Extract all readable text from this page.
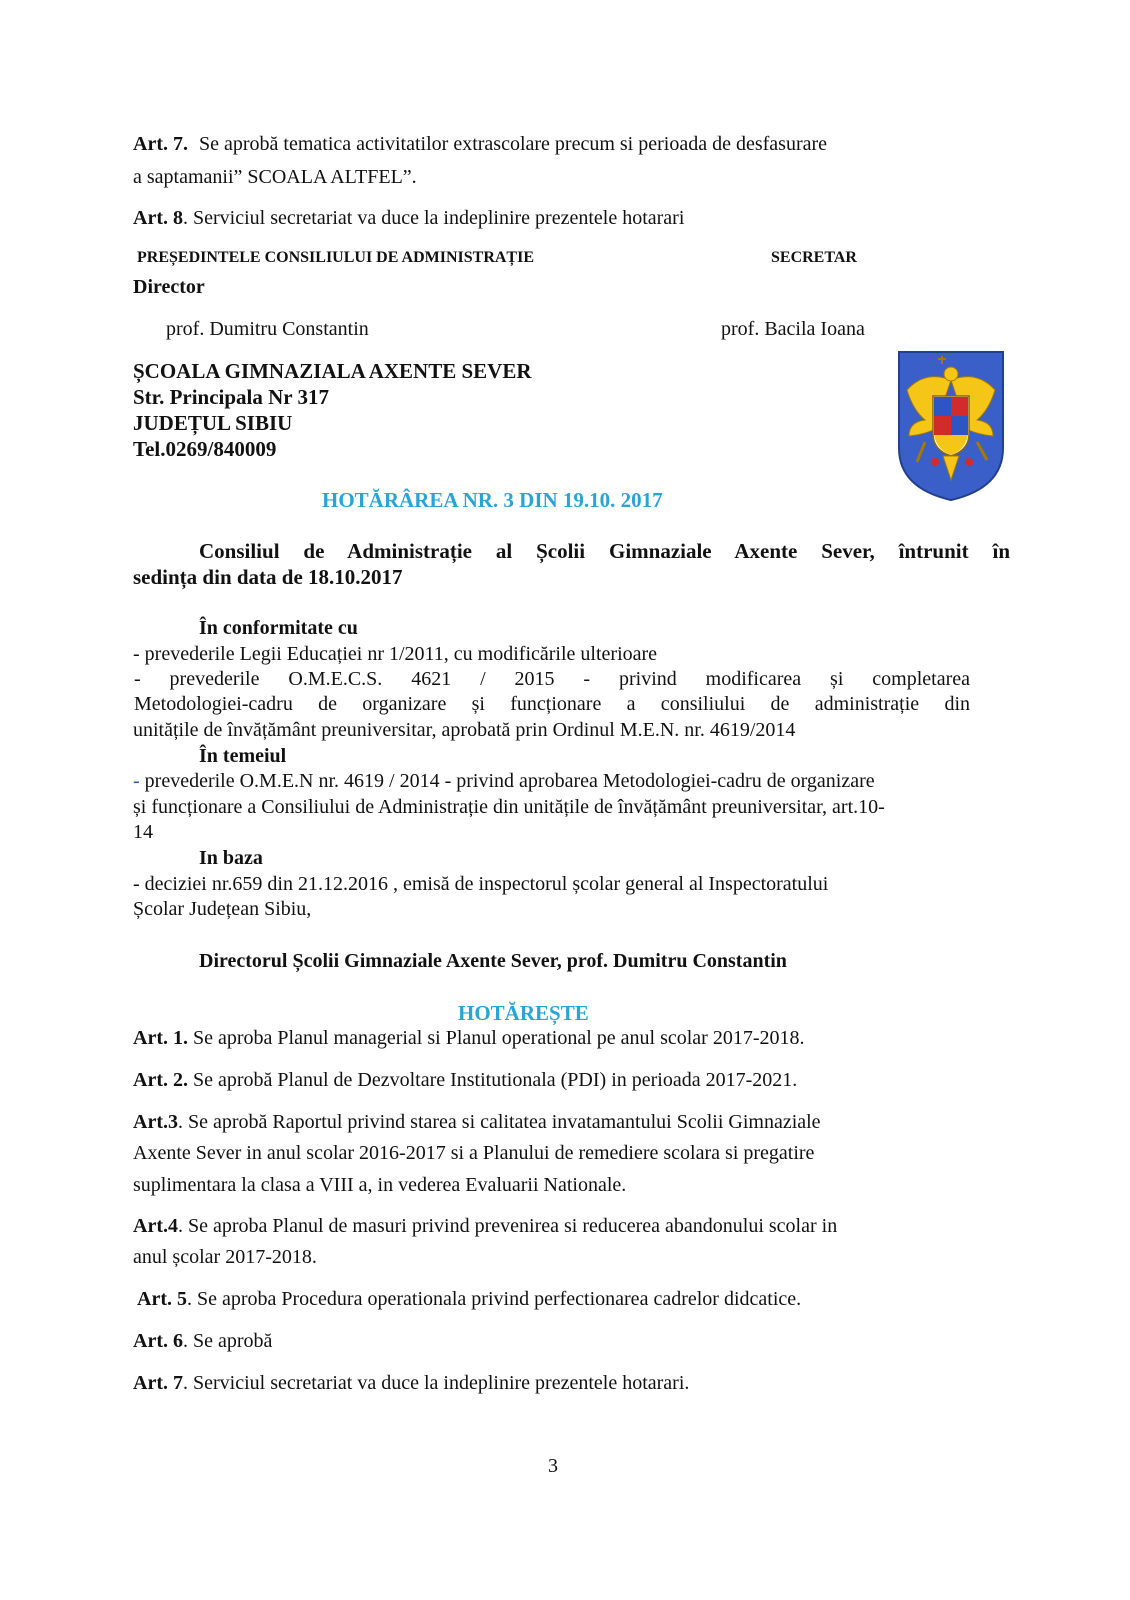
Art. 7. Se aprobă tematica activitatilor extrascolare precum si perioada de desfasurare
a saptamanii” SCOALA ALTFEL”.
Art. 8. Serviciul secretariat va duce la indeplinire prezentele hotarari
PREȘEDINTELE CONSILIULUI DE ADMINISTRAȚIE	SECRETAR
Director
prof. Dumitru Constantin	prof. Bacila Ioana
ȘCOALA GIMNAZIALA AXENTE SEVER
Str. Principala Nr 317
JUDEȚUL SIBIU
Tel.0269/840009
HOTĂRÂREA NR. 3 DIN 19.10. 2017
Consiliul de Administrație al Școlii Gimnaziale Axente Sever, întrunit în
sedința din data de 18.10.2017
În conformitate cu
- prevederile Legii Educației nr 1/2011, cu modificările ulterioare
- prevederile O.M.E.C.S. 4621 / 2015 - privind modificarea și completarea
Metodologiei-cadru de organizare și funcționare a consiliului de administrație din
unitățile de învățământ preuniversitar, aprobată prin Ordinul M.E.N. nr. 4619/2014
În temeiul
- prevederile O.M.E.N nr. 4619 / 2014 - privind aprobarea Metodologiei-cadru de organizare
și funcționare a Consiliului de Administrație din unitățile de învățământ preuniversitar, art.10-
14
In baza
- deciziei nr.659 din 21.12.2016 , emisă de inspectorul școlar general al Inspectoratului
Școlar Județean Sibiu,
Directorul Școlii Gimnaziale Axente Sever, prof. Dumitru Constantin
HOTĂREȘTE
Art. 1. Se aproba Planul managerial si Planul operational pe anul scolar 2017-2018.
Art. 2. Se aprobă Planul de Dezvoltare Institutionala (PDI) in perioada 2017-2021.
Art.3. Se aprobă Raportul privind starea si calitatea invatamantului Scolii Gimnaziale
Axente Sever in anul scolar 2016-2017 si a Planului de remediere scolara si pregatire
suplimentara la clasa a VIII a, in vederea Evaluarii Nationale.
Art.4. Se aproba Planul de masuri privind prevenirea si reducerea abandonului scolar in
anul școlar 2017-2018.
Art. 5. Se aproba Procedura operationala privind perfectionarea cadrelor didcatice.
Art. 6. Se aprobă
Art. 7. Serviciul secretariat va duce la indeplinire prezentele hotarari.
3
